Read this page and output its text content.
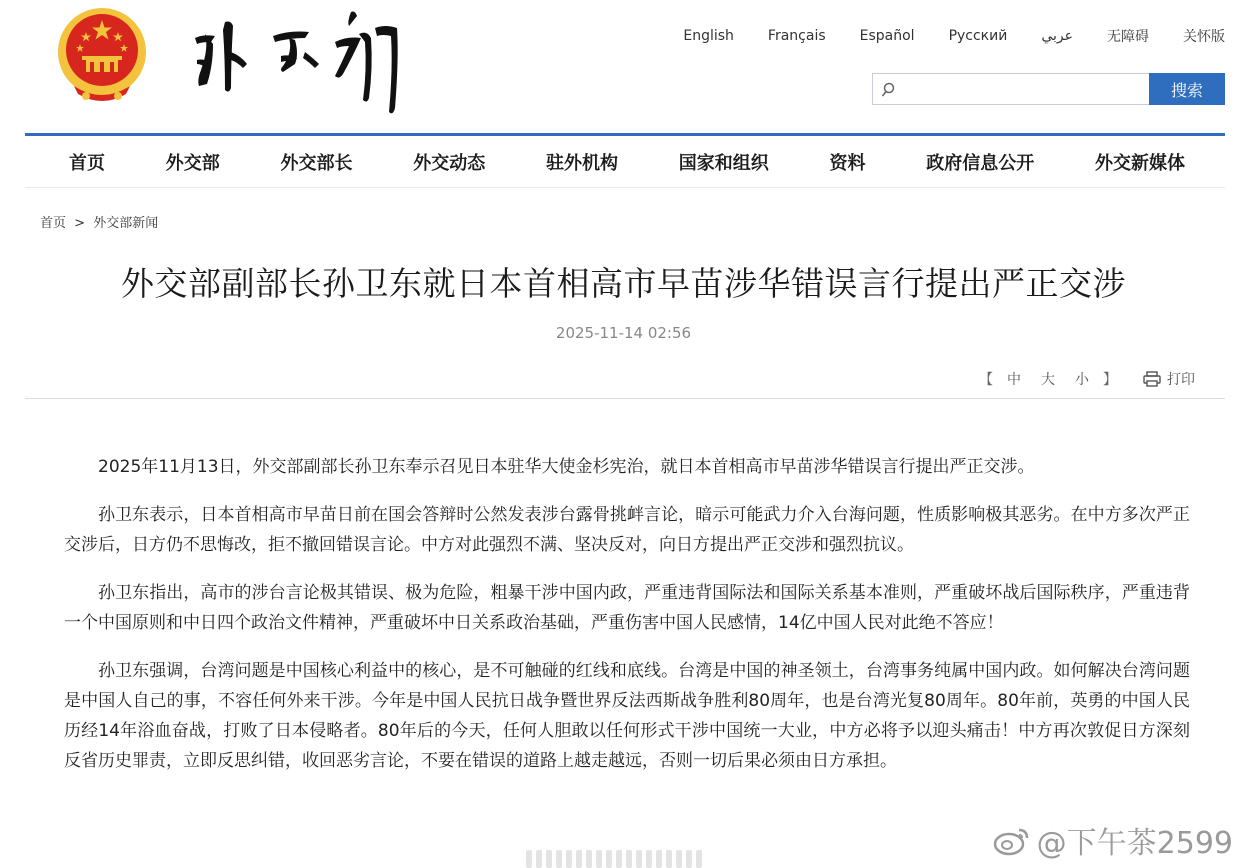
English Français Español Русский عربي 无障碍 关怀版
搜索
首页	外交部	外交部长	外交动态	驻外机构	国家和组织	资料	政府信息公开	外交新媒体
首页 > 外交部新闻
外交部副部长孙卫东就日本首相高市早苗涉华错误言行提出严正交涉
2025-11-14 02:56
【 中 大 小 】	打印

2025年11月13日，外交部副部长孙卫东奉示召见日本驻华大使金杉宪治，就日本首相高市早苗涉华错误言行提出严正交涉。

孙卫东表示，日本首相高市早苗日前在国会答辩时公然发表涉台露骨挑衅言论，暗示可能武力介入台海问题，性质影响极其恶劣。在中方多次严正交涉后，日方仍不思悔改，拒不撤回错误言论。中方对此强烈不满、坚决反对，向日方提出严正交涉和强烈抗议。

孙卫东指出，高市的涉台言论极其错误、极为危险，粗暴干涉中国内政，严重违背国际法和国际关系基本准则，严重破坏战后国际秩序，严重违背一个中国原则和中日四个政治文件精神，严重破坏中日关系政治基础，严重伤害中国人民感情，14亿中国人民对此绝不答应！

孙卫东强调，台湾问题是中国核心利益中的核心，是不可触碰的红线和底线。台湾是中国的神圣领土，台湾事务纯属中国内政。如何解决台湾问题是中国人自己的事，不容任何外来干涉。今年是中国人民抗日战争暨世界反法西斯战争胜利80周年，也是台湾光复80周年。80年前，英勇的中国人民历经14年浴血奋战，打败了日本侵略者。80年后的今天，任何人胆敢以任何形式干涉中国统一大业，中方必将予以迎头痛击！中方再次敦促日方深刻反省历史罪责，立即反思纠错，收回恶劣言论，不要在错误的道路上越走越远，否则一切后果必须由日方承担。

@下午茶2599
